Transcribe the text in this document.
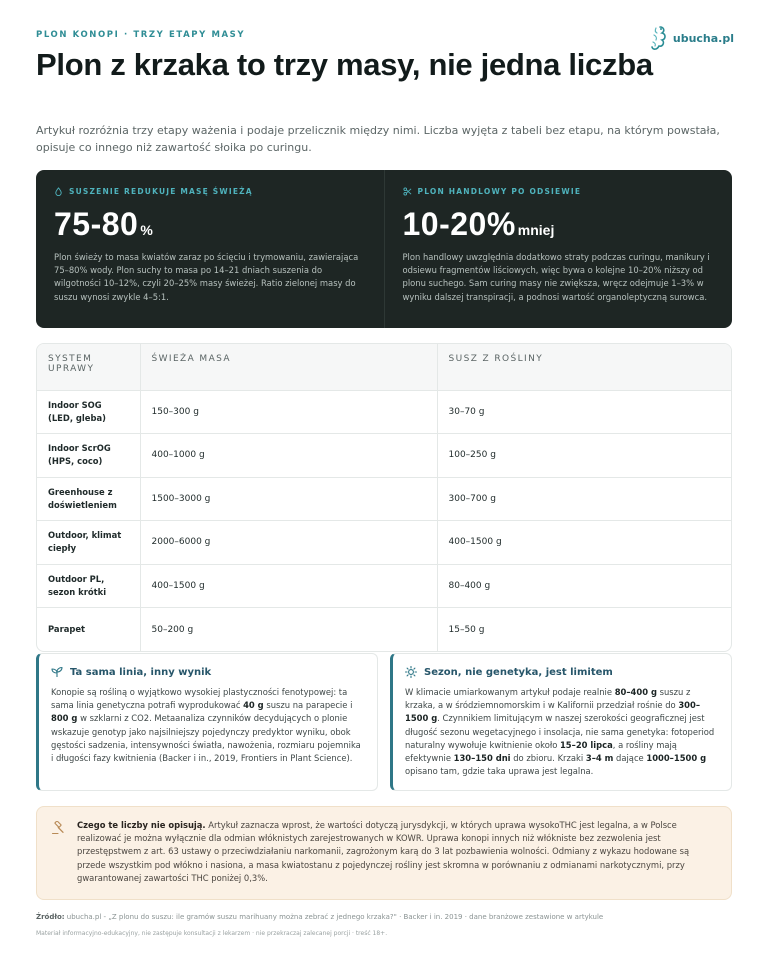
PLON KONOPI · TRZY ETAPY MASY	ubucha.pl
Plon z krzaka to trzy masy, nie jedna liczba

Artykuł rozróżnia trzy etapy ważenia i podaje przelicznik między nimi. Liczba wyjęta z tabeli bez etapu, na którym powstała, opisuje co innego niż zawartość słoika po curingu.

SUSZENIE REDUKUJE MASĘ ŚWIEŻĄ
75-80 %

Plon świeży to masa kwiatów zaraz po ścięciu i trymowaniu, zawierająca 75–80% wody. Plon suchy to masa po 14–21 dniach suszenia do wilgotności 10–12%, czyli 20–25% masy świeżej. Ratio zielonej masy do suszu wynosi zwykle 4–5:1.

PLON HANDLOWY PO ODSIEWIE
10-20% mniej

Plon handlowy uwzględnia dodatkowo straty podczas curingu, manikury i odsiewu fragmentów liściowych, więc bywa o kolejne 10–20% niższy od plonu suchego. Sam curing masy nie zwiększa, wręcz odejmuje 1–3% w wyniku dalszej transpiracji, a podnosi wartość organoleptyczną surowca.

SYSTEM UPRAWY	ŚWIEŻA MASA	SUSZ Z ROŚLINY
Indoor SOG (LED, gleba)	150–300 g	30–70 g
Indoor ScrOG (HPS, coco)	400–1000 g	100–250 g
Greenhouse z doświetleniem	1500–3000 g	300–700 g
Outdoor, klimat ciepły	2000–6000 g	400–1500 g
Outdoor PL, sezon krótki	400–1500 g	80–400 g
Parapet	50–200 g	15–50 g
Ta sama linia, inny wynik

Konopie są rośliną o wyjątkowo wysokiej plastyczności fenotypowej: ta sama linia genetyczna potrafi wyprodukować 40 g suszu na parapecie i 800 g w szklarni z CO2. Metaanaliza czynników decydujących o plonie wskazuje genotyp jako najsilniejszy pojedynczy predyktor wyniku, obok gęstości sadzenia, intensywności światła, nawożenia, rozmiaru pojemnika i długości fazy kwitnienia (Backer i in., 2019, Frontiers in Plant Science).

Sezon, nie genetyka, jest limitem

W klimacie umiarkowanym artykuł podaje realnie 80–400 g suszu z krzaka, a w śródziemnomorskim i w Kalifornii przedział rośnie do 300–1500 g. Czynnikiem limitującym w naszej szerokości geograficznej jest długość sezonu wegetacyjnego i insolacja, nie sama genetyka: fotoperiod naturalny wywołuje kwitnienie około 15–20 lipca, a rośliny mają efektywnie 130–150 dni do zbioru. Krzaki 3–4 m dające 1000–1500 g opisano tam, gdzie taka uprawa jest legalna.

Czego te liczby nie opisują. Artykuł zaznacza wprost, że wartości dotyczą jurysdykcji, w których uprawa wysokoTHC jest legalna, a w Polsce realizować je można wyłącznie dla odmian włóknistych zarejestrowanych w KOWR. Uprawa konopi innych niż włókniste bez zezwolenia jest przestępstwem z art. 63 ustawy o przeciwdziałaniu narkomanii, zagrożonym karą do 3 lat pozbawienia wolności. Odmiany z wykazu hodowane są przede wszystkim pod włókno i nasiona, a masa kwiatostanu z pojedynczej rośliny jest skromna w porównaniu z odmianami narkotycznymi, przy gwarantowanej zawartości THC poniżej 0,3%.

Źródło: ubucha.pl - „Z plonu do suszu: ile gramów suszu marihuany można zebrać z jednego krzaka?" · Backer i in. 2019 · dane branżowe zestawione w artykule
Materiał informacyjno-edukacyjny, nie zastępuje konsultacji z lekarzem · nie przekraczaj zalecanej porcji · treść 18+.
